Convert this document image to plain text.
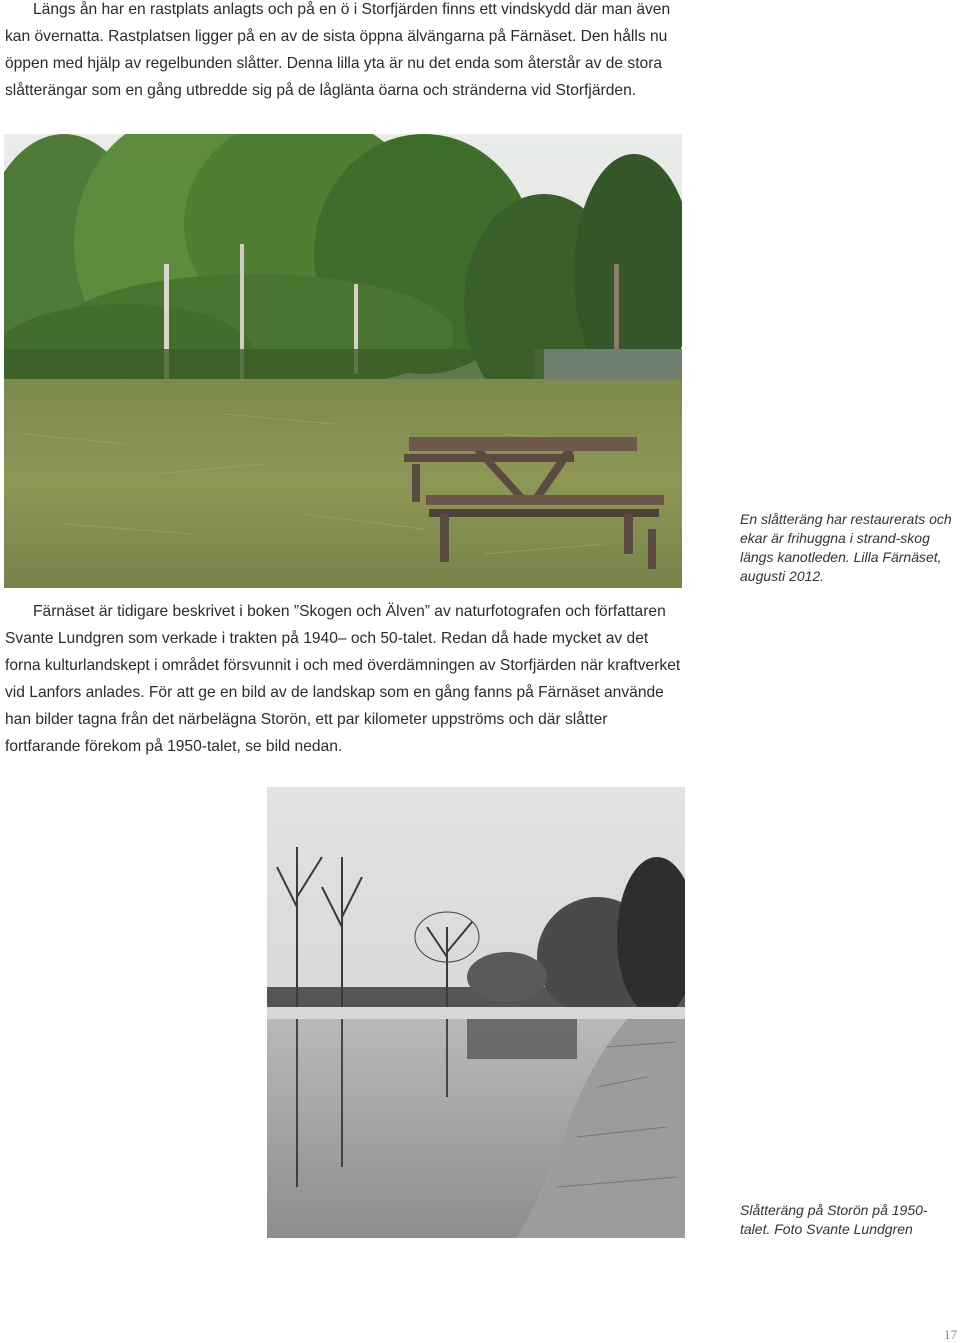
Längs ån har en rastplats anlagts och på en ö i Storfjärden finns ett vindskydd där man även kan övernatta. Rastplatsen ligger på en av de sista öppna älvängarna på Färnäset. Den hålls nu öppen med hjälp av regelbunden slåtter. Denna lilla yta är nu det enda som återstår av de stora slåtterängar som en gång utbredde sig på de låglänta öarna och stränderna vid Storfjärden.
En slåtteräng har restaurerats och ekar är frihuggna i strand-skog längs kanotleden. Lilla Färnäset, augusti 2012.
Färnäset är tidigare beskrivet i boken ”Skogen och Älven” av naturfotografen och författaren Svante Lundgren som verkade i trakten på 1940– och 50-talet. Redan då hade mycket av det forna kulturlandskept i området försvunnit i och med överdämningen av Storfjärden när kraftverket vid Lanfors anlades. För att ge en bild av de landskap som en gång fanns på Färnäset använde han bilder tagna från det närbelägna Storön, ett par kilometer uppströms och där slåtter fortfarande förekom på 1950-talet, se bild nedan.
Slåtteräng på Storön på 1950-talet. Foto Svante Lundgren
17
